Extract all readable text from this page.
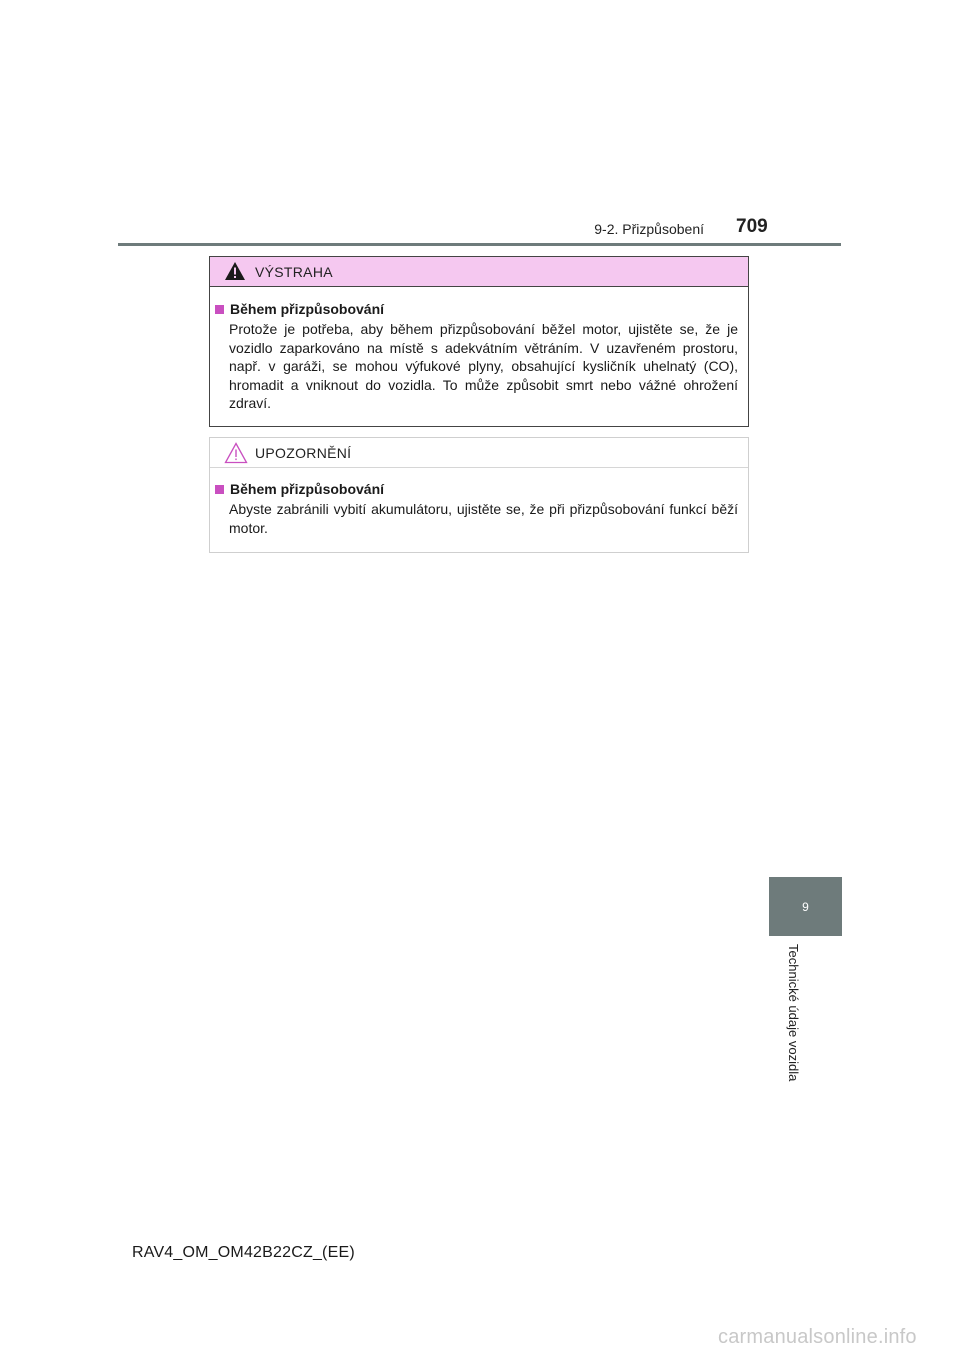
9-2. Přizpůsobení 709
VÝSTRAHA
Během přizpůsobování
Protože je potřeba, aby během přizpůsobování běžel motor, ujistěte se, že je vozidlo zaparkováno na místě s adekvátním větráním. V uzavřeném prostoru, např. v garáži, se mohou výfukové plyny, obsahující kysličník uhelnatý (CO), hromadit a vniknout do vozidla. To může způsobit smrt nebo vážné ohrožení zdraví.
UPOZORNĚNÍ
Během přizpůsobování
Abyste zabránili vybití akumulátoru, ujistěte se, že při přizpůsobování funkcí běží motor.
9
Technické údaje vozidla
RAV4_OM_OM42B22CZ_(EE)
carmanualsonline.info
